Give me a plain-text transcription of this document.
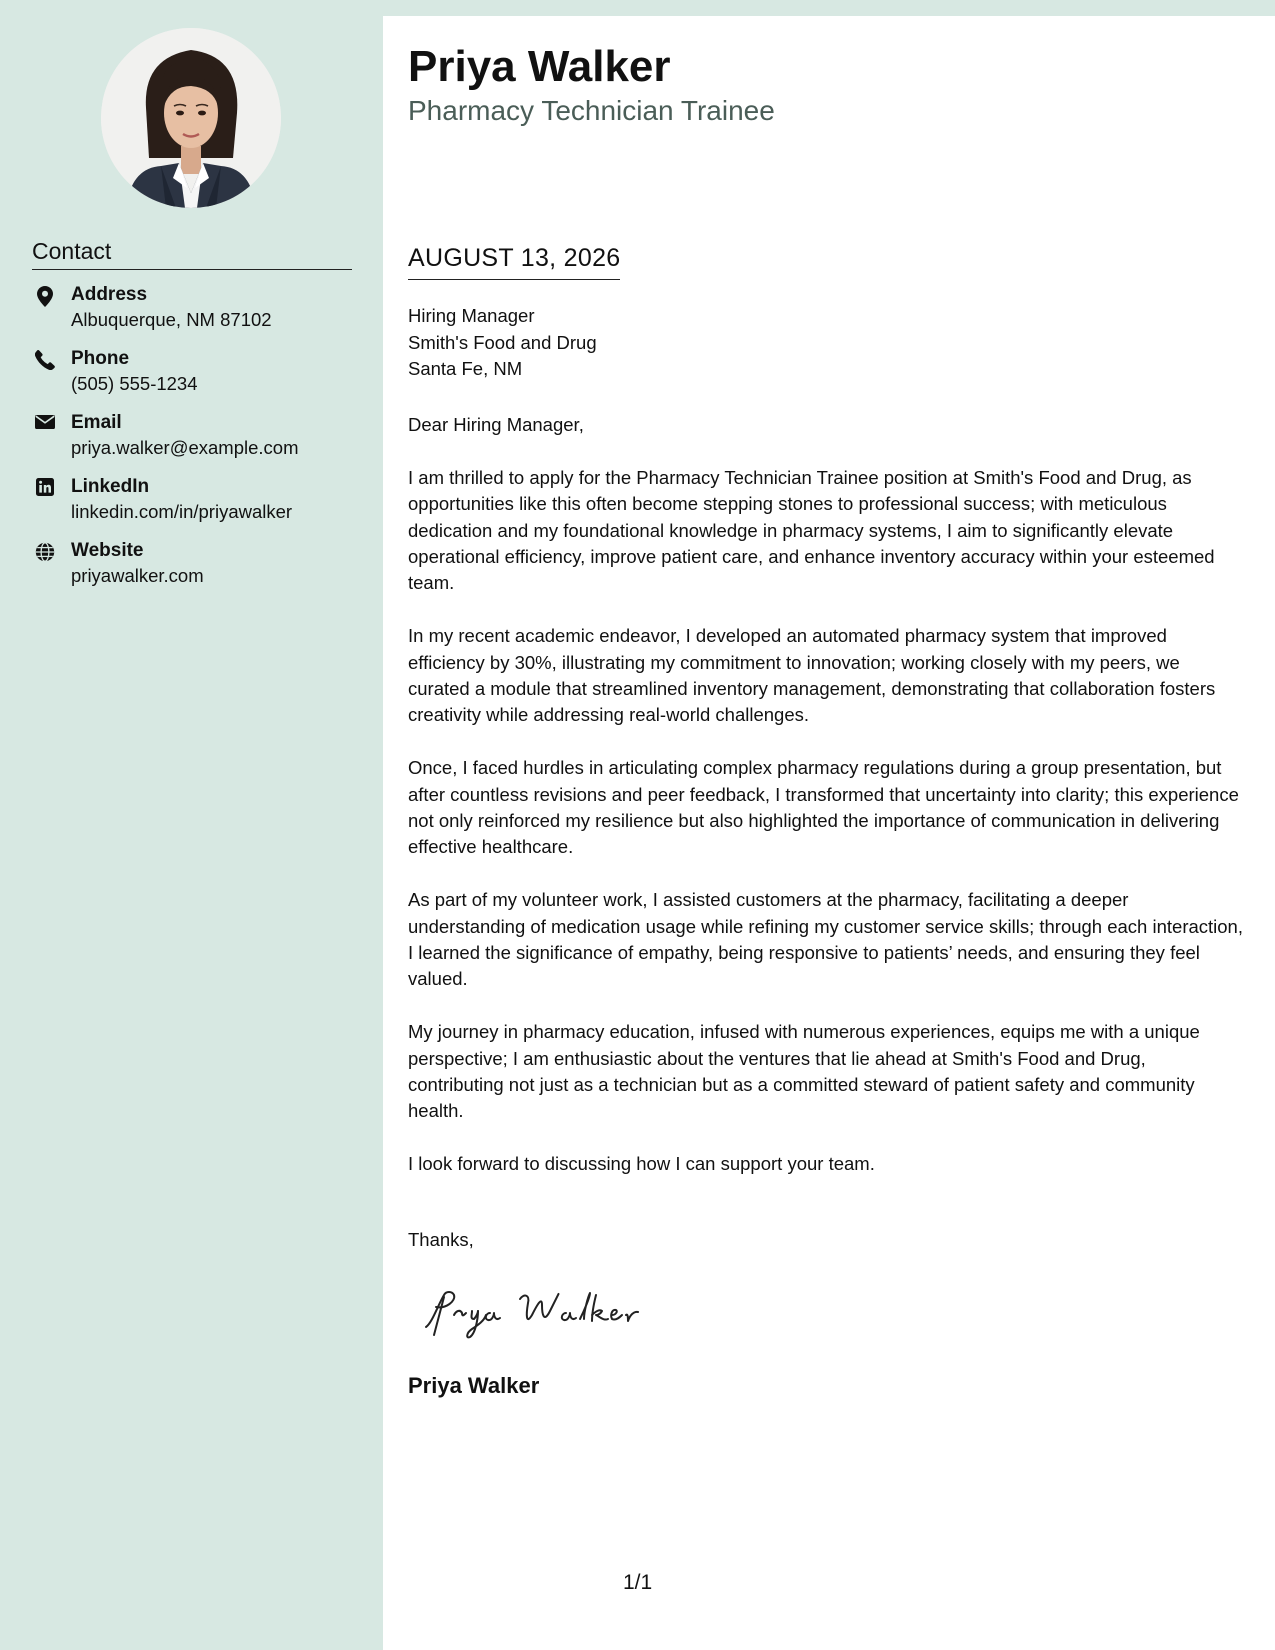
Contact
Address
Albuquerque, NM 87102
Phone
(505) 555-1234
Email
priya.walker@example.com
LinkedIn
linkedin.com/in/priyawalker
Website
priyawalker.com
Priya Walker
Pharmacy Technician Trainee
AUGUST 13, 2026
Hiring Manager
Smith's Food and Drug
Santa Fe, NM

Dear Hiring Manager,

I am thrilled to apply for the Pharmacy Technician Trainee position at Smith's Food and Drug, as opportunities like this often become stepping stones to professional success; with meticulous dedication and my foundational knowledge in pharmacy systems, I aim to significantly elevate operational efficiency, improve patient care, and enhance inventory accuracy within your esteemed team.

In my recent academic endeavor, I developed an automated pharmacy system that improved efficiency by 30%, illustrating my commitment to innovation; working closely with my peers, we curated a module that streamlined inventory management, demonstrating that collaboration fosters creativity while addressing real-world challenges.

Once, I faced hurdles in articulating complex pharmacy regulations during a group presentation, but after countless revisions and peer feedback, I transformed that uncertainty into clarity; this experience not only reinforced my resilience but also highlighted the importance of communication in delivering effective healthcare.

As part of my volunteer work, I assisted customers at the pharmacy, facilitating a deeper understanding of medication usage while refining my customer service skills; through each interaction, I learned the significance of empathy, being responsive to patients’ needs, and ensuring they feel valued.

My journey in pharmacy education, infused with numerous experiences, equips me with a unique perspective; I am enthusiastic about the ventures that lie ahead at Smith's Food and Drug, contributing not just as a technician but as a committed steward of patient safety and community health.

I look forward to discussing how I can support your team.

Thanks,
Priya Walker
1/1
